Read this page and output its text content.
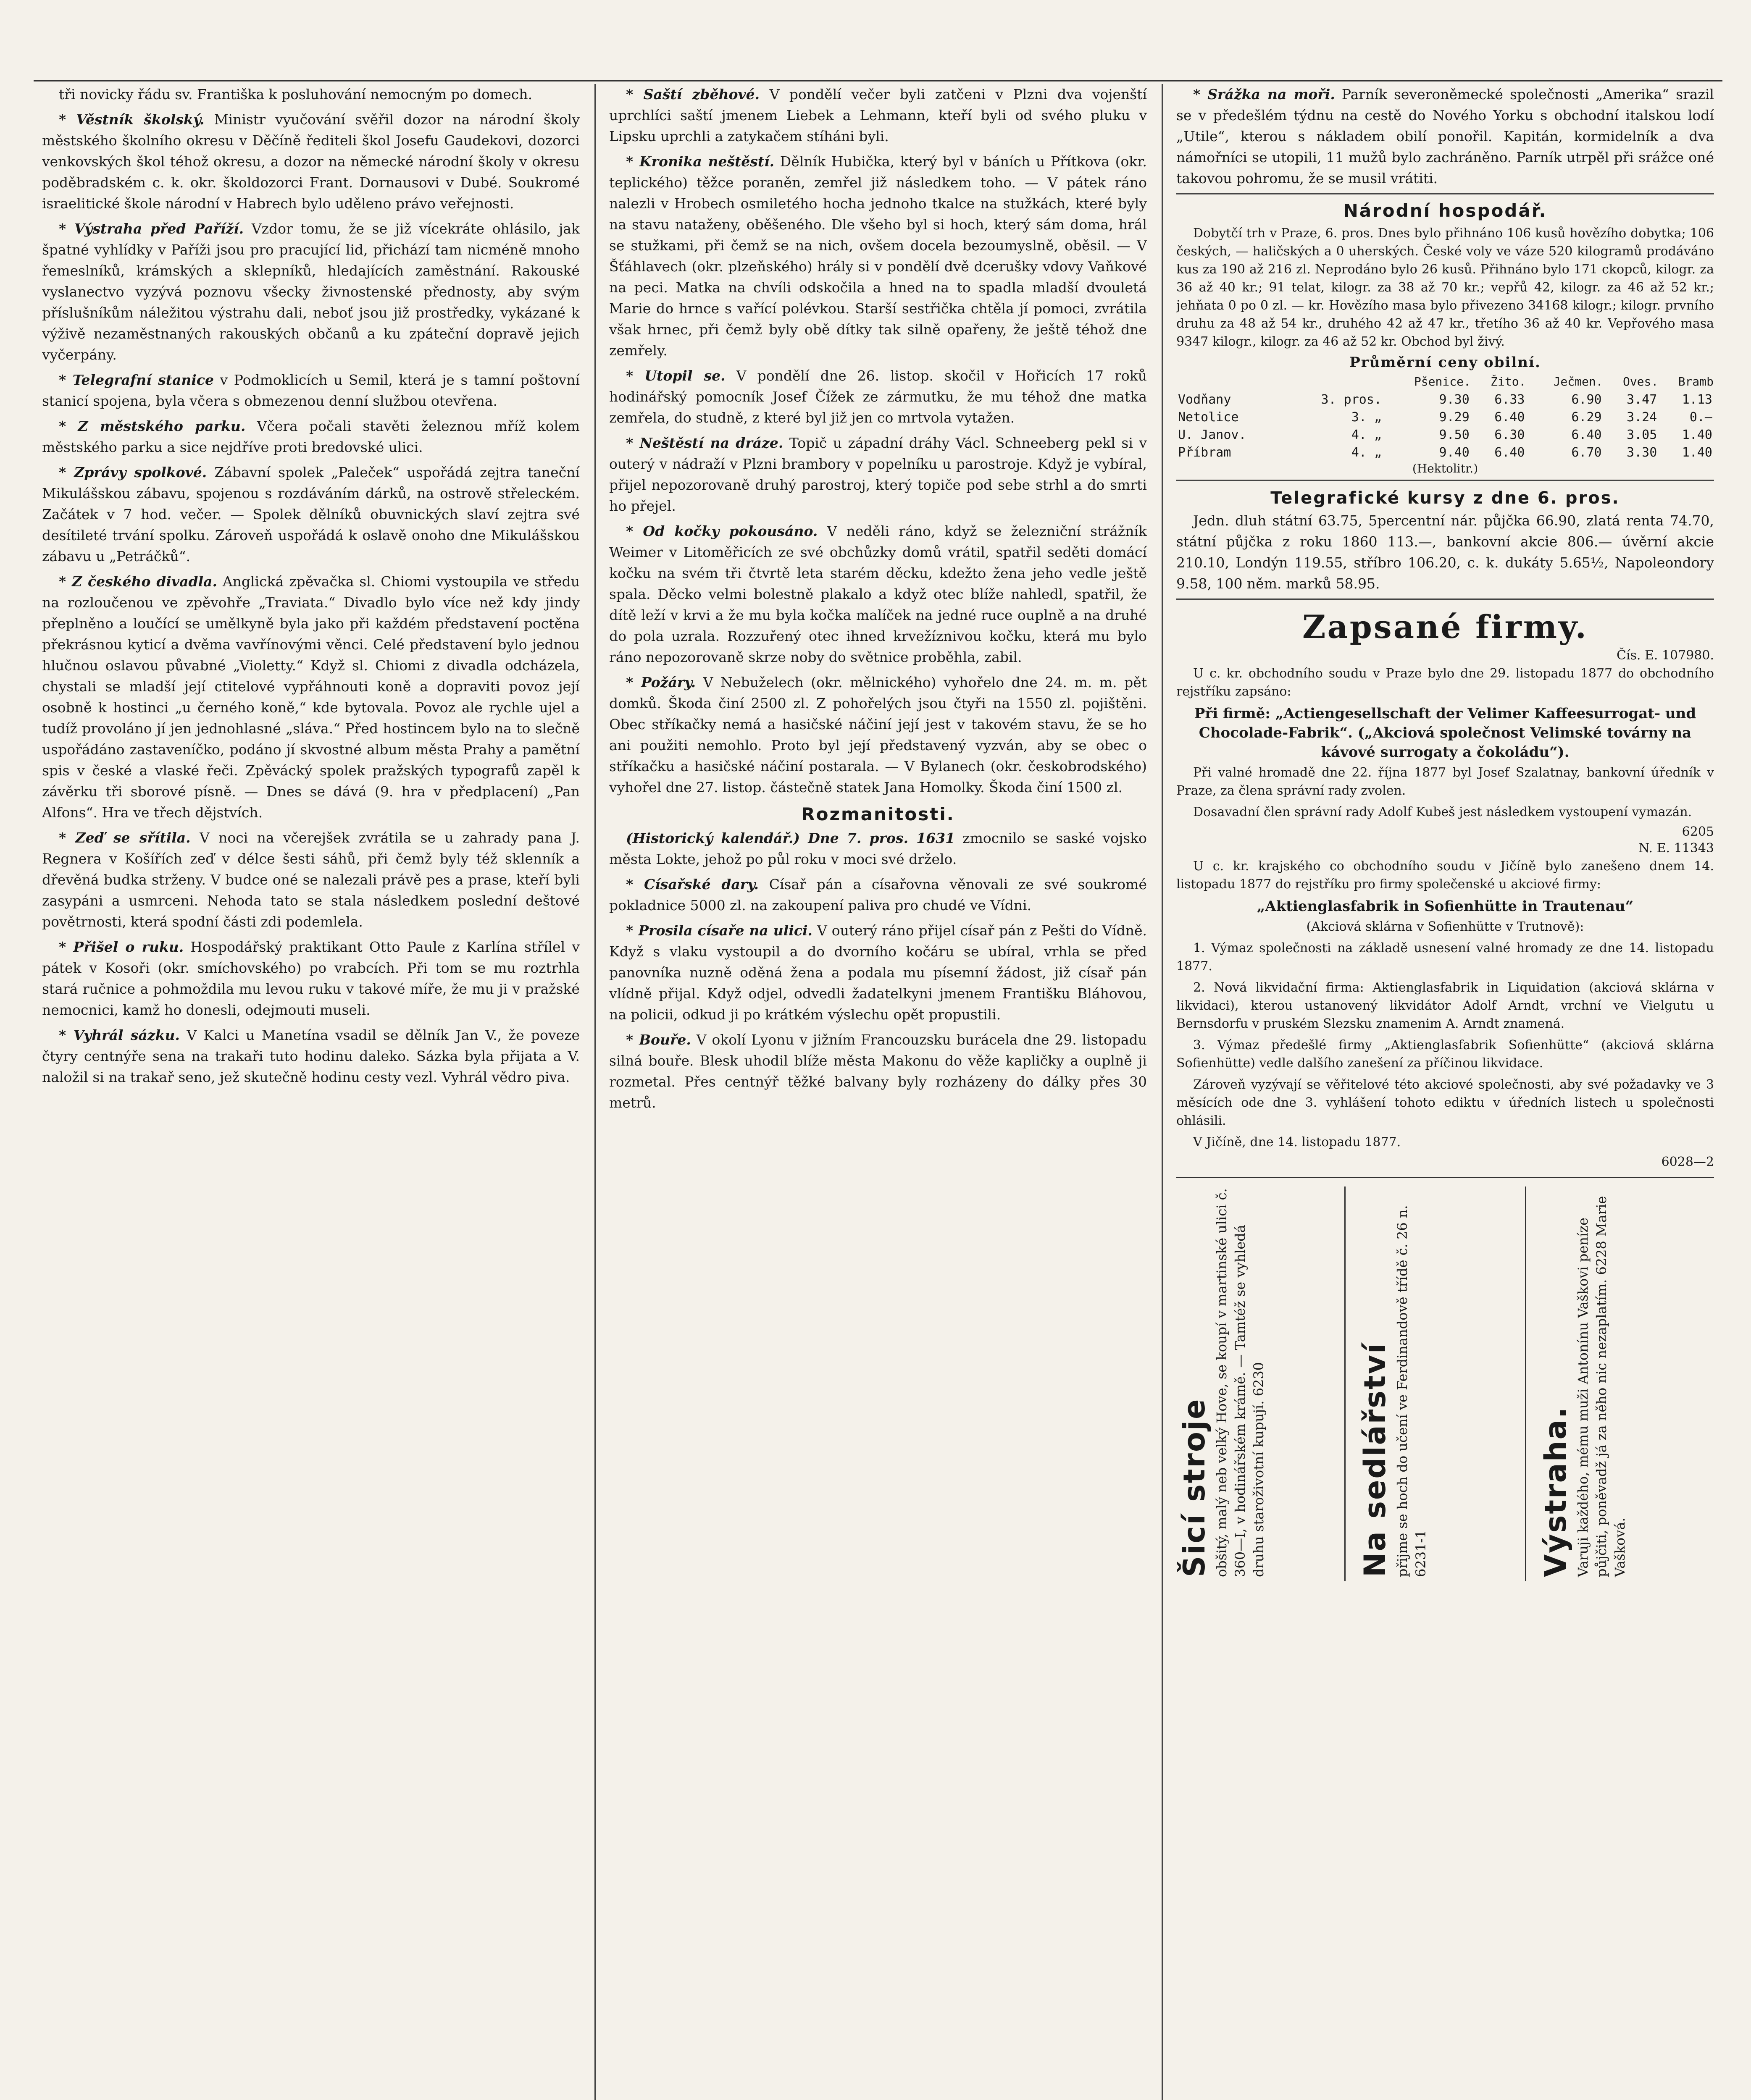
tři novicky řádu sv. Františka k posluhování nemocným po domech.

* Věstník školský. Ministr vyučování svěřil dozor na národní školy městského školního okresu v Děčíně řediteli škol Josefu Gaudekovi, dozorci venkovských škol téhož okresu, a dozor na německé národní školy v okresu poděbradském c. k. okr. školdozorci Frant. Dornausovi v Dubé. Soukromé israelitické škole národní v Habrech bylo uděleno právo veřejnosti.

* Výstraha před Paříží. Vzdor tomu, že se již vícekráte ohlásilo, jak špatné vyhlídky v Paříži jsou pro pracující lid, přichází tam nicméně mnoho řemeslníků, krámských a sklepníků, hledajících zaměstnání. Rakouské vyslanectvo vyzývá poznovu všecky živnostenské přednosty, aby svým příslušníkům náležitou výstrahu dali, neboť jsou již prostředky, vykázané k výživě nezaměstnaných rakouských občanů a ku zpáteční dopravě jejich vyčerpány.

* Telegrafní stanice v Podmoklicích u Semil, která je s tamní poštovní stanicí spojena, byla včera s obmezenou denní službou otevřena.

* Z městského parku. Včera počali stavěti železnou mříž kolem městského parku a sice nejdříve proti bredovské ulici.

* Zprávy spolkové. Zábavní spolek „Paleček“ uspořádá zejtra taneční Mikulášskou zábavu, spojenou s rozdáváním dárků, na ostrově střeleckém. Začátek v 7 hod. večer. — Spolek dělníků obuvnických slaví zejtra své desítileté trvání spolku. Zároveň uspořádá k oslavě onoho dne Mikulášskou zábavu u „Petráčků“.

* Z českého divadla. Anglická zpěvačka sl. Chiomi vystoupila ve středu na rozloučenou ve zpěvohře „Traviata.“ Divadlo bylo více než kdy jindy přeplněno a loučící se umělkyně byla jako při každém představení poctěna překrásnou kyticí a dvěma vavřínovými věnci. Celé představení bylo jednou hlučnou oslavou půvabné „Violetty.“ Když sl. Chiomi z divadla odcházela, chystali se mladší její ctitelové vypřáhnouti koně a dopraviti povoz její osobně k hostinci „u černého koně,“ kde bytovala. Povoz ale rychle ujel a tudíž provoláno jí jen jednohlasné „sláva.“ Před hostincem bylo na to slečně uspořádáno zastaveníčko, podáno jí skvostné album města Prahy a pamětní spis v české a vlaské řeči. Zpěvácký spolek pražských typografů zapěl k závěrku tři sborové písně. — Dnes se dává (9. hra v předplacení) „Pan Alfons“. Hra ve třech dějstvích.

* Zeď se sřítila. V noci na včerejšek zvrátila se u zahrady pana J. Regnera v Košířích zeď v délce šesti sáhů, při čemž byly též sklenník a dřevěná budka strženy. V budce oné se nalezali právě pes a prase, kteří byli zasypáni a usmrceni. Nehoda tato se stala následkem poslední deštové povětrnosti, která spodní části zdi podemlela.

* Přišel o ruku. Hospodářský praktikant Otto Paule z Karlína střílel v pátek v Kosoři (okr. smíchovského) po vrabcích. Při tom se mu roztrhla stará ručnice a pohmoždila mu levou ruku v takové míře, že mu ji v pražské nemocnici, kamž ho donesli, odejmouti museli.

* Vyhrál sázku. V Kalci u Manetína vsadil se dělník Jan V., že poveze čtyry centnýře sena na trakaři tuto hodinu daleko. Sázka byla přijata a V. naložil si na trakař seno, jež skutečně hodinu cesty vezl. Vyhrál vědro piva.

* Saští zběhové. V pondělí večer byli zatčeni v Plzni dva vojenští uprchlíci saští jmenem Liebek a Lehmann, kteří byli od svého pluku v Lipsku uprchli a zatykačem stíháni byli.

* Kronika neštěstí. Dělník Hubička, který byl v báních u Přítkova (okr. teplického) těžce poraněn, zemřel již následkem toho. — V pátek ráno nalezli v Hrobech osmiletého hocha jednoho tkalce na stužkách, které byly na stavu nataženy, oběšeného. Dle všeho byl si hoch, který sám doma, hrál se stužkami, při čemž se na nich, ovšem docela bezoumyslně, oběsil. — V Šťáhlavech (okr. plzeňského) hrály si v pondělí dvě dcerušky vdovy Vaňkové na peci. Matka na chvíli odskočila a hned na to spadla mladší dvouletá Marie do hrnce s vařící polévkou. Starší sestřička chtěla jí pomoci, zvrátila však hrnec, při čemž byly obě dítky tak silně opařeny, že ještě téhož dne zemřely.

* Utopil se. V pondělí dne 26. listop. skočil v Hořicích 17 roků hodinářský pomocník Josef Čížek ze zármutku, že mu téhož dne matka zemřela, do studně, z které byl již jen co mrtvola vytažen.

* Neštěstí na dráze. Topič u západní dráhy Václ. Schneeberg pekl si v outerý v nádraží v Plzni brambory v popelníku u parostroje. Když je vybíral, přijel nepozorovaně druhý parostroj, který topiče pod sebe strhl a do smrti ho přejel.

* Od kočky pokousáno. V neděli ráno, když se železniční strážník Weimer v Litoměřicích ze své obchůzky domů vrátil, spatřil seděti domácí kočku na svém tři čtvrtě leta starém děcku, kdežto žena jeho vedle ještě spala. Děcko velmi bolestně plakalo a když otec blíže nahledl, spatřil, že dítě leží v krvi a že mu byla kočka malíček na jedné ruce ouplně a na druhé do pola uzrala. Rozzuřený otec ihned krvežíznivou kočku, která mu bylo ráno nepozorovaně skrze noby do světnice proběhla, zabil.

* Požáry. V Nebuželech (okr. mělnického) vyhořelo dne 24. m. m. pět domků. Škoda činí 2500 zl. Z pohořelých jsou čtyři na 1550 zl. pojištěni. Obec stříkačky nemá a hasičské náčiní její jest v takovém stavu, že se ho ani použiti nemohlo. Proto byl její představený vyzván, aby se obec o stříkačku a hasičské náčiní postarala. — V Bylanech (okr. českobrodského) vyhořel dne 27. listop. částečně statek Jana Homolky. Škoda činí 1500 zl.

Rozmanitosti.

(Historický kalendář.) Dne 7. pros. 1631 zmocnilo se saské vojsko města Lokte, jehož po půl roku v moci své drželo.

* Císařské dary. Císař pán a císařovna věnovali ze své soukromé pokladnice 5000 zl. na zakoupení paliva pro chudé ve Vídni.

* Prosila císaře na ulici. V outerý ráno přijel císař pán z Pešti do Vídně. Když s vlaku vystoupil a do dvorního kočáru se ubíral, vrhla se před panovníka nuzně oděná žena a podala mu písemní žádost, již císař pán vlídně přijal. Když odjel, odvedli žadatelkyni jmenem Františku Bláhovou, na policii, odkud ji po krátkém výslechu opět propustili.

* Bouře. V okolí Lyonu v jižním Francouzsku burácela dne 29. listopadu silná bouře. Blesk uhodil blíže města Makonu do věže kapličky a ouplně ji rozmetal. Přes centnýř těžké balvany byly rozházeny do dálky přes 30 metrů.

* Srážka na moři. Parník severoněmecké společnosti „Amerika“ srazil se v předešlém týdnu na cestě do Nového Yorku s obchodní italskou lodí „Utile“, kterou s nákladem obilí ponořil. Kapitán, kormidelník a dva námořníci se utopili, 11 mužů bylo zachráněno. Parník utrpěl při srážce oné takovou pohromu, že se musil vrátiti.

Národní hospodář.

Dobytčí trh v Praze, 6. pros. Dnes bylo přihnáno 106 kusů hovězího dobytka; 106 českých, — haličských a 0 uherských. České voly ve váze 520 kilogramů prodáváno kus za 190 až 216 zl. Neprodáno bylo 26 kusů. Přihnáno bylo 171 ckopců, kilogr. za 36 až 40 kr.; 91 telat, kilogr. za 38 až 70 kr.; vepřů 42, kilogr. za 46 až 52 kr.; jehňata 0 po 0 zl. — kr. Hovězího masa bylo přivezeno 34168 kilogr.; kilogr. prvního druhu za 48 až 54 kr., druhého 42 až 47 kr., třetího 36 až 40 kr. Vepřového masa 9347 kilogr., kilogr. za 46 až 52 kr. Obchod byl živý.

Průměrní ceny obilní.
		Pšenice.	Žito.	Ječmen.	Oves.	Bramb
Vodňany	3. pros.	9.30	6.33	6.90	3.47	1.13
Netolice	3. „	9.29	6.40	6.29	3.24	0.—
U. Janov.	4. „	9.50	6.30	6.40	3.05	1.40
Příbram	4. „	9.40	6.40	6.70	3.30	1.40
(Hektolitr.)
Telegrafické kursy z dne 6. pros.

Jedn. dluh státní 63.75, 5percentní nár. půjčka 66.90, zlatá renta 74.70, státní půjčka z roku 1860 113.—, bankovní akcie 806.— úvěrní akcie 210.10, Londýn 119.55, stříbro 106.20, c. k. dukáty 5.65½, Napoleondory 9.58, 100 něm. marků 58.95.

Zapsané firmy.
Čís. E. 107980.

U c. kr. obchodního soudu v Praze bylo dne 29. listopadu 1877 do obchodního rejstříku zapsáno:

Při firmě: „Actiengesellschaft der Velimer Kaffeesurrogat- und Chocolade-Fabrik“. („Akciová společnost Velimské továrny na kávové surrogaty a čokoládu“).

Při valné hromadě dne 22. října 1877 byl Josef Szalatnay, bankovní úředník v Praze, za člena správní rady zvolen.

Dosavadní člen správní rady Adolf Kubeš jest následkem vystoupení vymazán.

6205
N. E. 11343

U c. kr. krajského co obchodního soudu v Jičíně bylo zanešeno dnem 14. listopadu 1877 do rejstříku pro firmy společenské u akciové firmy:

„Aktienglasfabrik in Sofienhütte in Trautenau“

(Akciová sklárna v Sofienhütte v Trutnově):

1. Výmaz společnosti na základě usnesení valné hromady ze dne 14. listopadu 1877.

2. Nová likvidační firma: Aktienglasfabrik in Liquidation (akciová sklárna v likvidaci), kterou ustanovený likvidátor Adolf Arndt, vrchní ve Vielgutu u Bernsdorfu v pruském Slezsku znamenim A. Arndt znamená.

3. Výmaz předešlé firmy „Aktienglasfabrik Sofienhütte“ (akciová sklárna Sofienhütte) vedle dalšího zanešení za příčinou likvidace.

Zároveň vyzývají se věřitelové této akciové společnosti, aby své požadavky ve 3 měsících ode dne 3. vyhlášení tohoto ediktu v úředních listech u společnosti ohlásili.

V Jičíně, dne 14. listopadu 1877.

6028—2
Šicí stroje obšitý, malý neb velký Hove, se koupí v martinské ulici č. 360—I, v hodinářském krámě. — Tamtéž se vyhledá druhu staroživotní kupují. 6230	Na sedlářství přijme se hoch do učení ve Ferdinandově třídě č. 26 n. 6231-1	Výstraha. Varuji každého, mému muži Antonínu Vaškovi peníze půjčiti, poněvadž já za něho nic nezaplatím. 6228 Marie Vašková.
